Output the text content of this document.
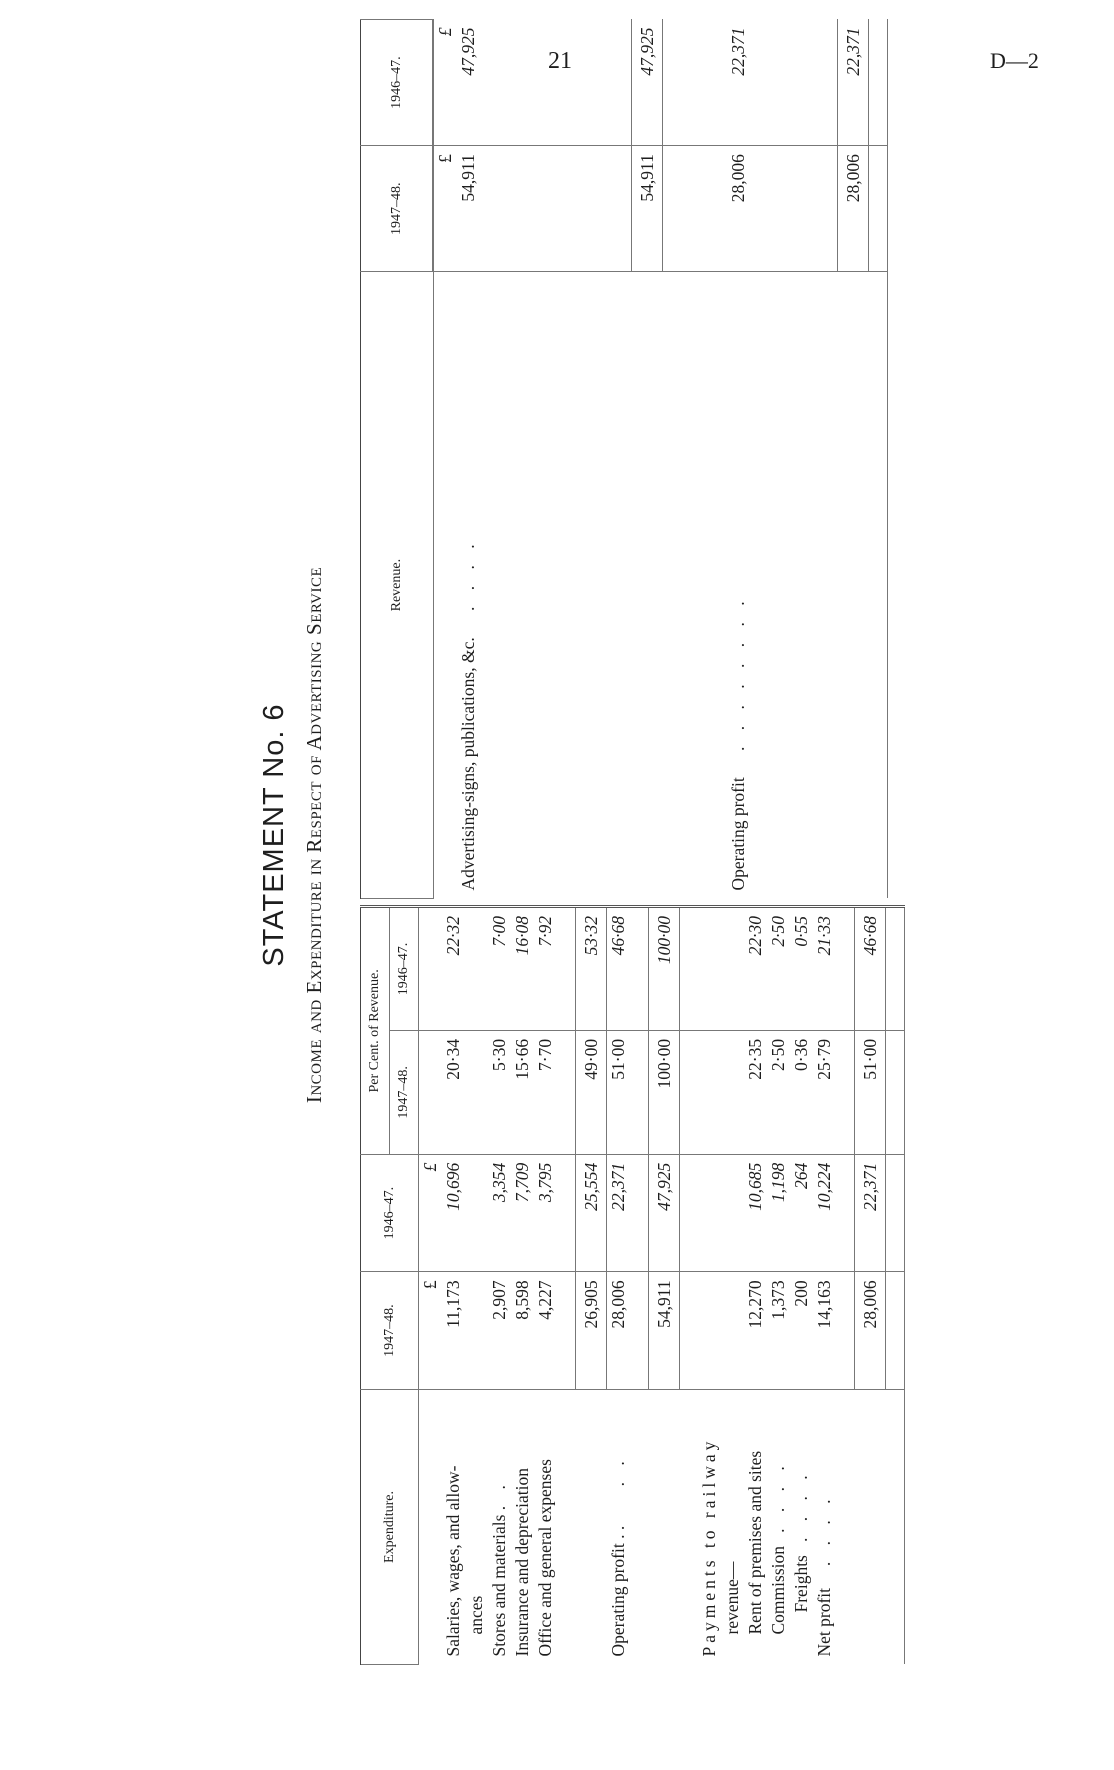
21	D—2
STATEMENT No. 6 Income and Expenditure in Respect of Advertising Service
Expenditure.	1947–48.	1946–47.	Per Cent. of Revenue.	
			1947–48.	1946–47.
	£	£		
Salaries, wages, and allow-	11,173	10,696	20·34	22·32
ances				
Stores and materials . .	2,907	3,354	5·30	7·00
Insurance and depreciation	8,598	7,709	15·66	16·08
Office and general expenses	4,227	3,795	7·70	7·92

	26,905	25,554	49·00	53·32
Operating profit . .         . .	28,006	22,371	51·00	46·68

	54,911	47,925	100·00	100·00

Payments to railway				
revenue—				
Rent of premises and sites	12,270	10,685	22·35	22·30
Commission   . . . .	1,373	1,198	2·50	2·50
Freights   . . . .	200	264	0·36	0·55
Net profit     . . . .	14,163	10,224	25·79	21·33

	28,006	22,371	51·00	46·68

Revenue.	1947–48.	1946–47.

	£	£
Advertising-signs, publications, &c.      . . . .	54,911	47,925

	54,911	47,925

Operating profit      . . . . . . . .	28,006	22,371

	28,006	22,371
